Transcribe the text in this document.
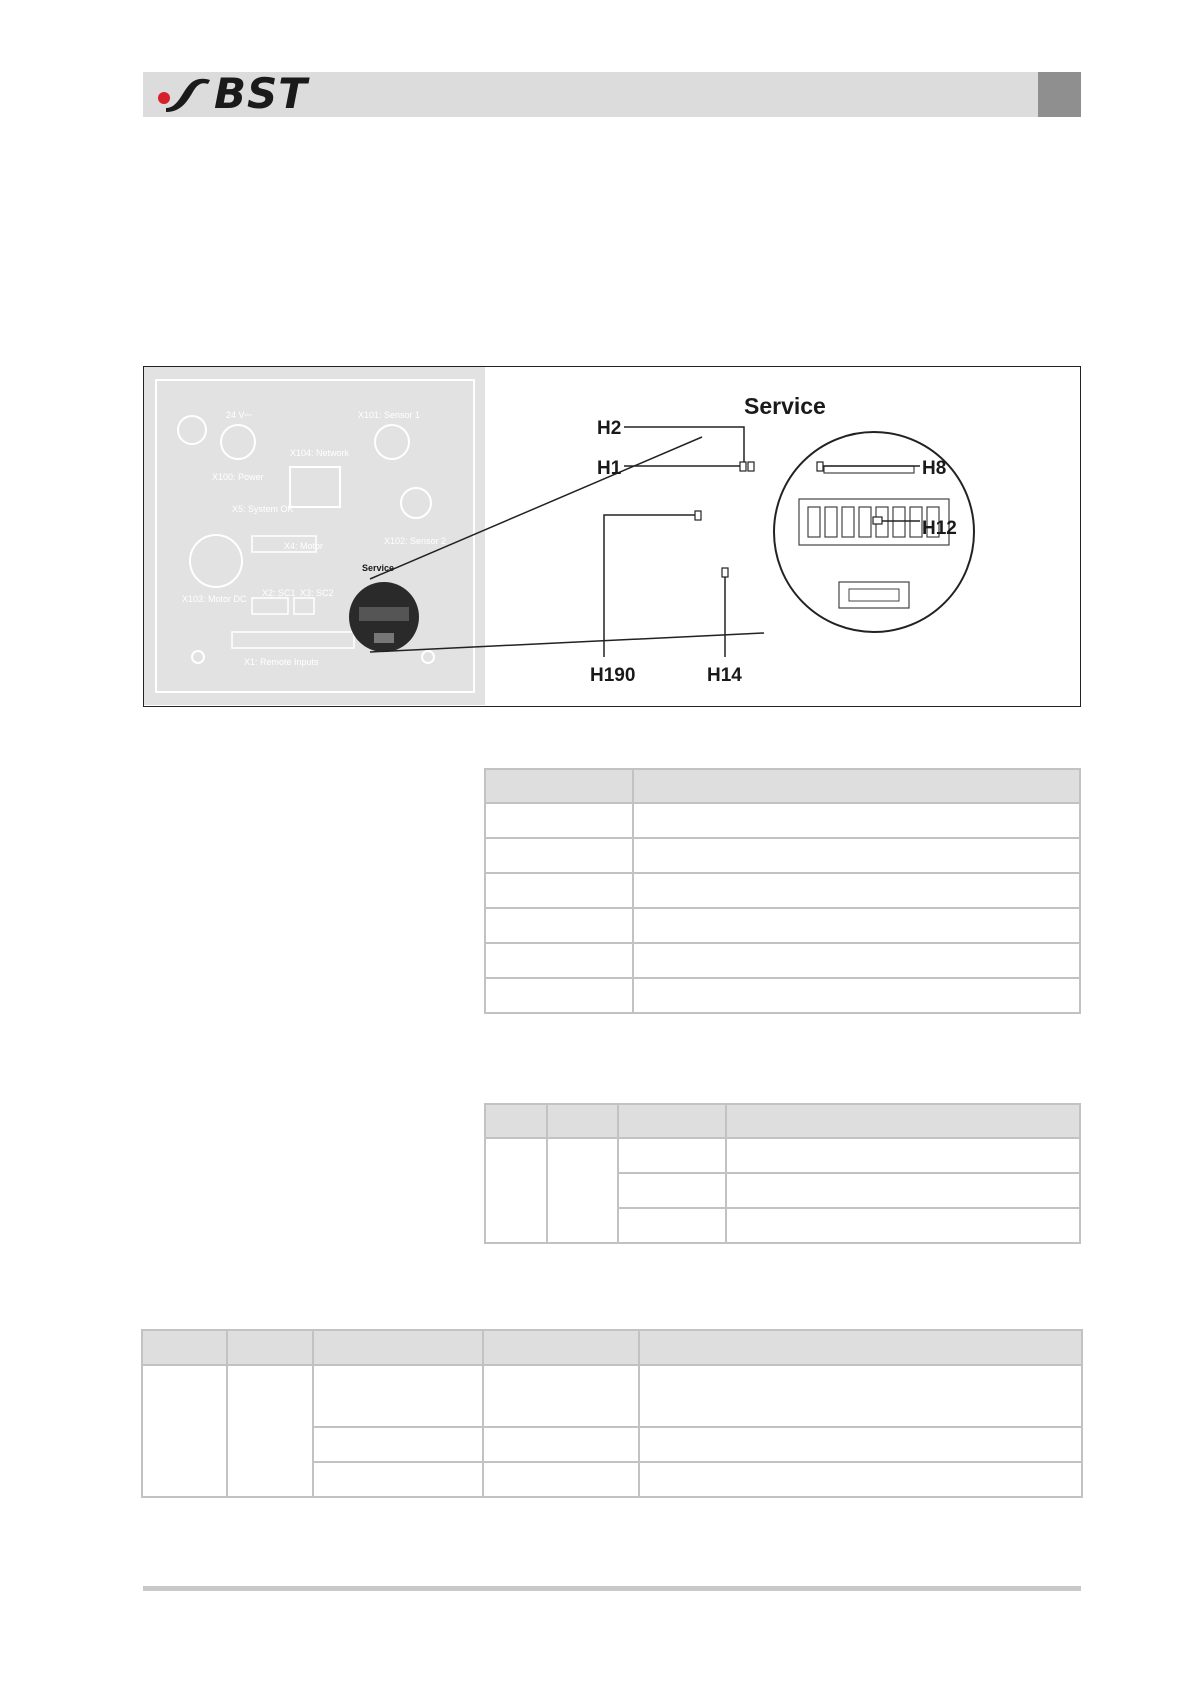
BST
Service
Service
H2
H1	H8
H12
H190	H14
24 V⎓	X101: Sensor 1
X100: Power
X104: Network
X5: System OK
X102: Sensor 2
X4: Motor
X103: Motor DC
X2: SC1 X3: SC2
X1: Remote Inputs
